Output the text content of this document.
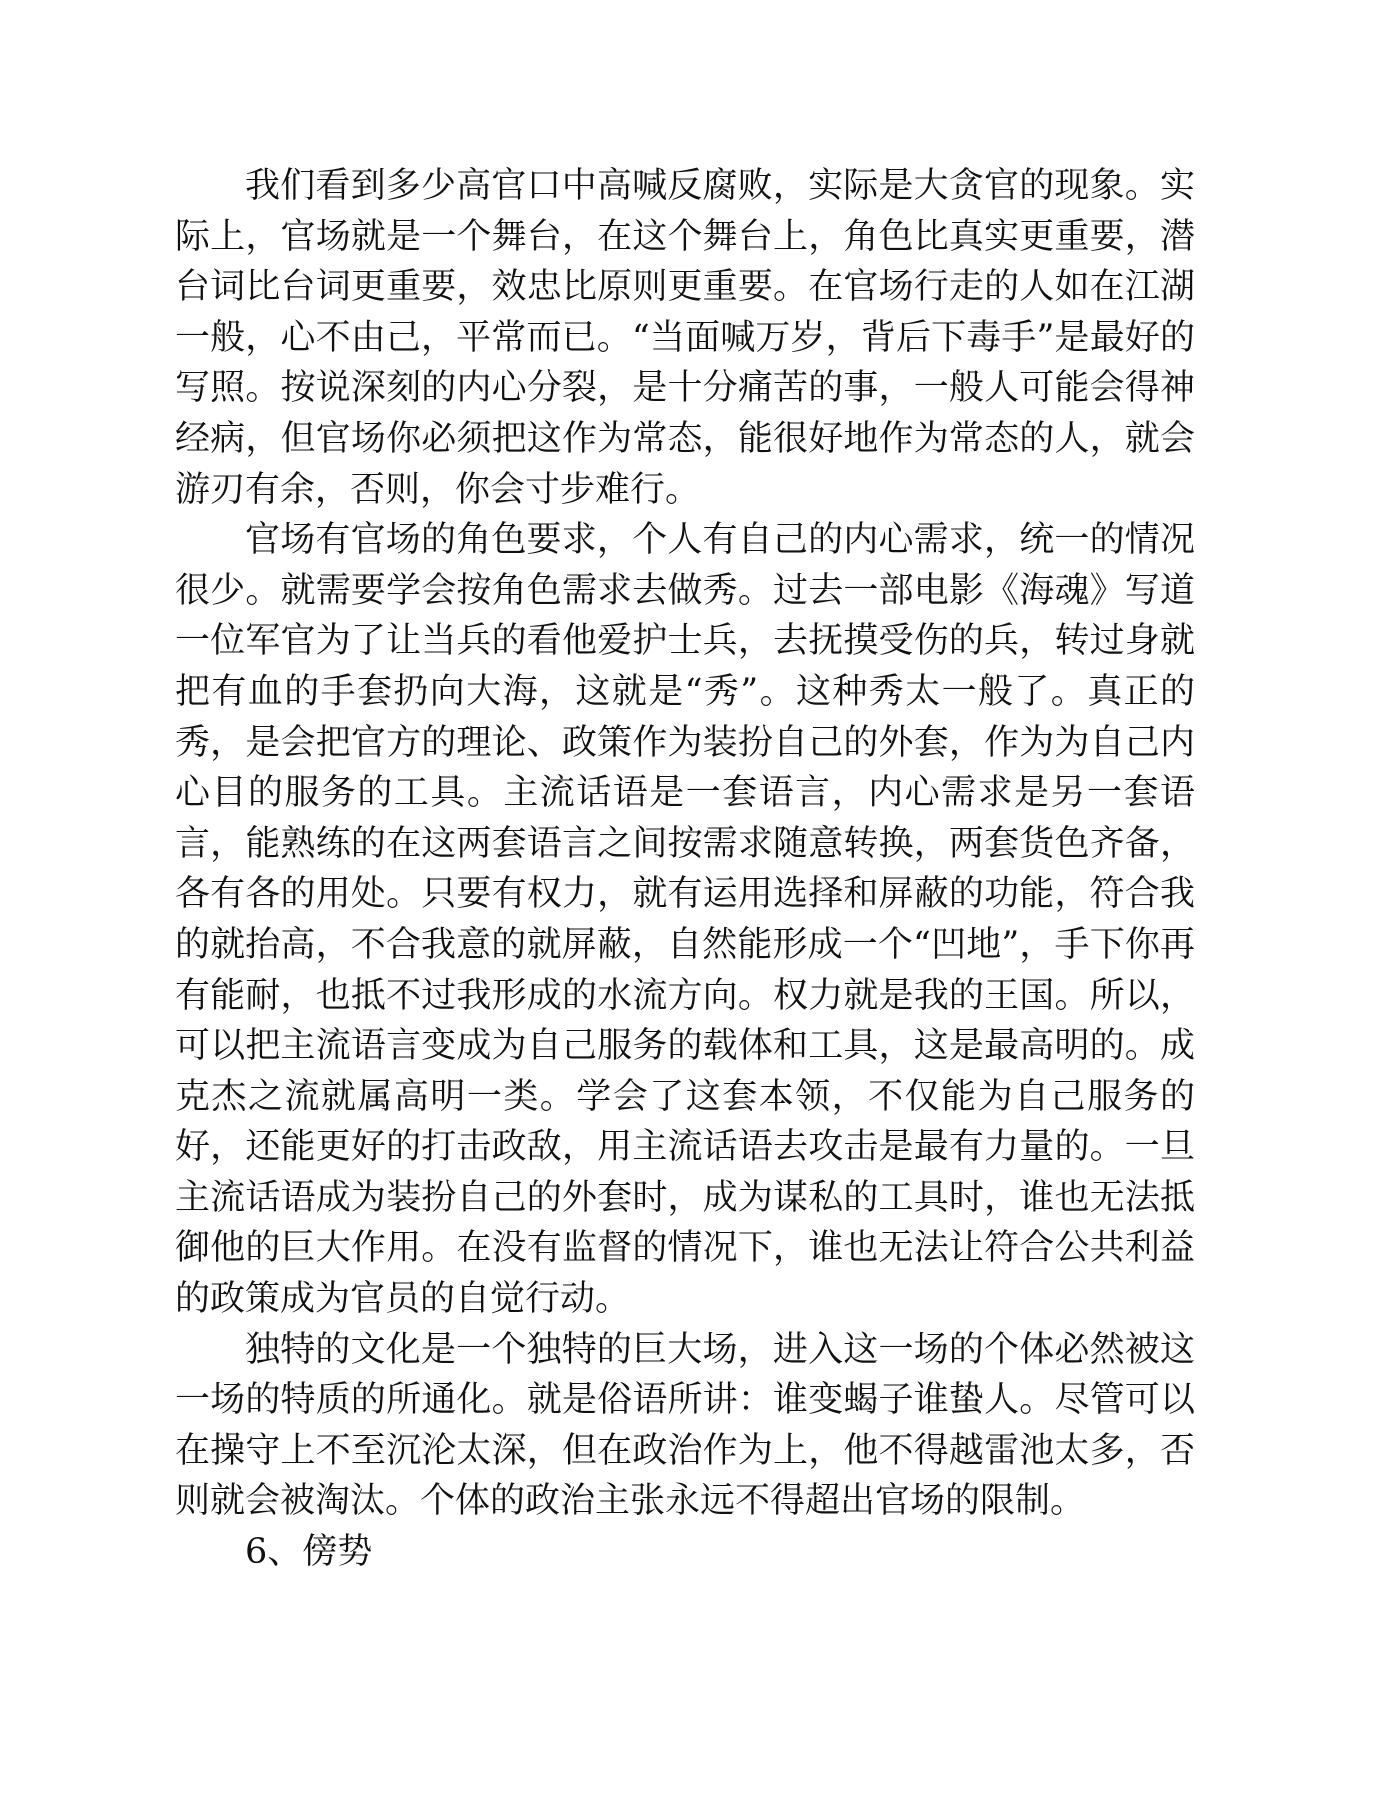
我们看到多少高官口中高喊反腐败，实际是大贪官的现象。实际上，官场就是一个舞台，在这个舞台上，角色比真实更重要，潜台词比台词更重要，效忠比原则更重要。在官场行走的人如在江湖一般，心不由己，平常而已。“当面喊万岁，背后下毒手”是最好的写照。按说深刻的内心分裂，是十分痛苦的事，一般人可能会得神经病，但官场你必须把这作为常态，能很好地作为常态的人，就会游刃有余，否则，你会寸步难行。

官场有官场的角色要求，个人有自己的内心需求，统一的情况很少。就需要学会按角色需求去做秀。过去一部电影《海魂》写道一位军官为了让当兵的看他爱护士兵，去抚摸受伤的兵，转过身就把有血的手套扔向大海，这就是“秀”。这种秀太一般了。真正的秀，是会把官方的理论、政策作为装扮自己的外套，作为为自己内心目的服务的工具。主流话语是一套语言，内心需求是另一套语言，能熟练的在这两套语言之间按需求随意转换，两套货色齐备，各有各的用处。只要有权力，就有运用选择和屏蔽的功能，符合我的就抬高，不合我意的就屏蔽，自然能形成一个“凹地”，手下你再有能耐，也抵不过我形成的水流方向。权力就是我的王国。所以，可以把主流语言变成为自己服务的载体和工具，这是最高明的。成克杰之流就属高明一类。学会了这套本领，不仅能为自己服务的好，还能更好的打击政敌，用主流话语去攻击是最有力量的。一旦主流话语成为装扮自己的外套时，成为谋私的工具时，谁也无法抵御他的巨大作用。在没有监督的情况下，谁也无法让符合公共利益的政策成为官员的自觉行动。

独特的文化是一个独特的巨大场，进入这一场的个体必然被这一场的特质的所通化。就是俗语所讲：谁变蝎子谁蛰人。尽管可以在操守上不至沉沦太深，但在政治作为上，他不得越雷池太多，否则就会被淘汰。个体的政治主张永远不得超出官场的限制。

6、傍势
